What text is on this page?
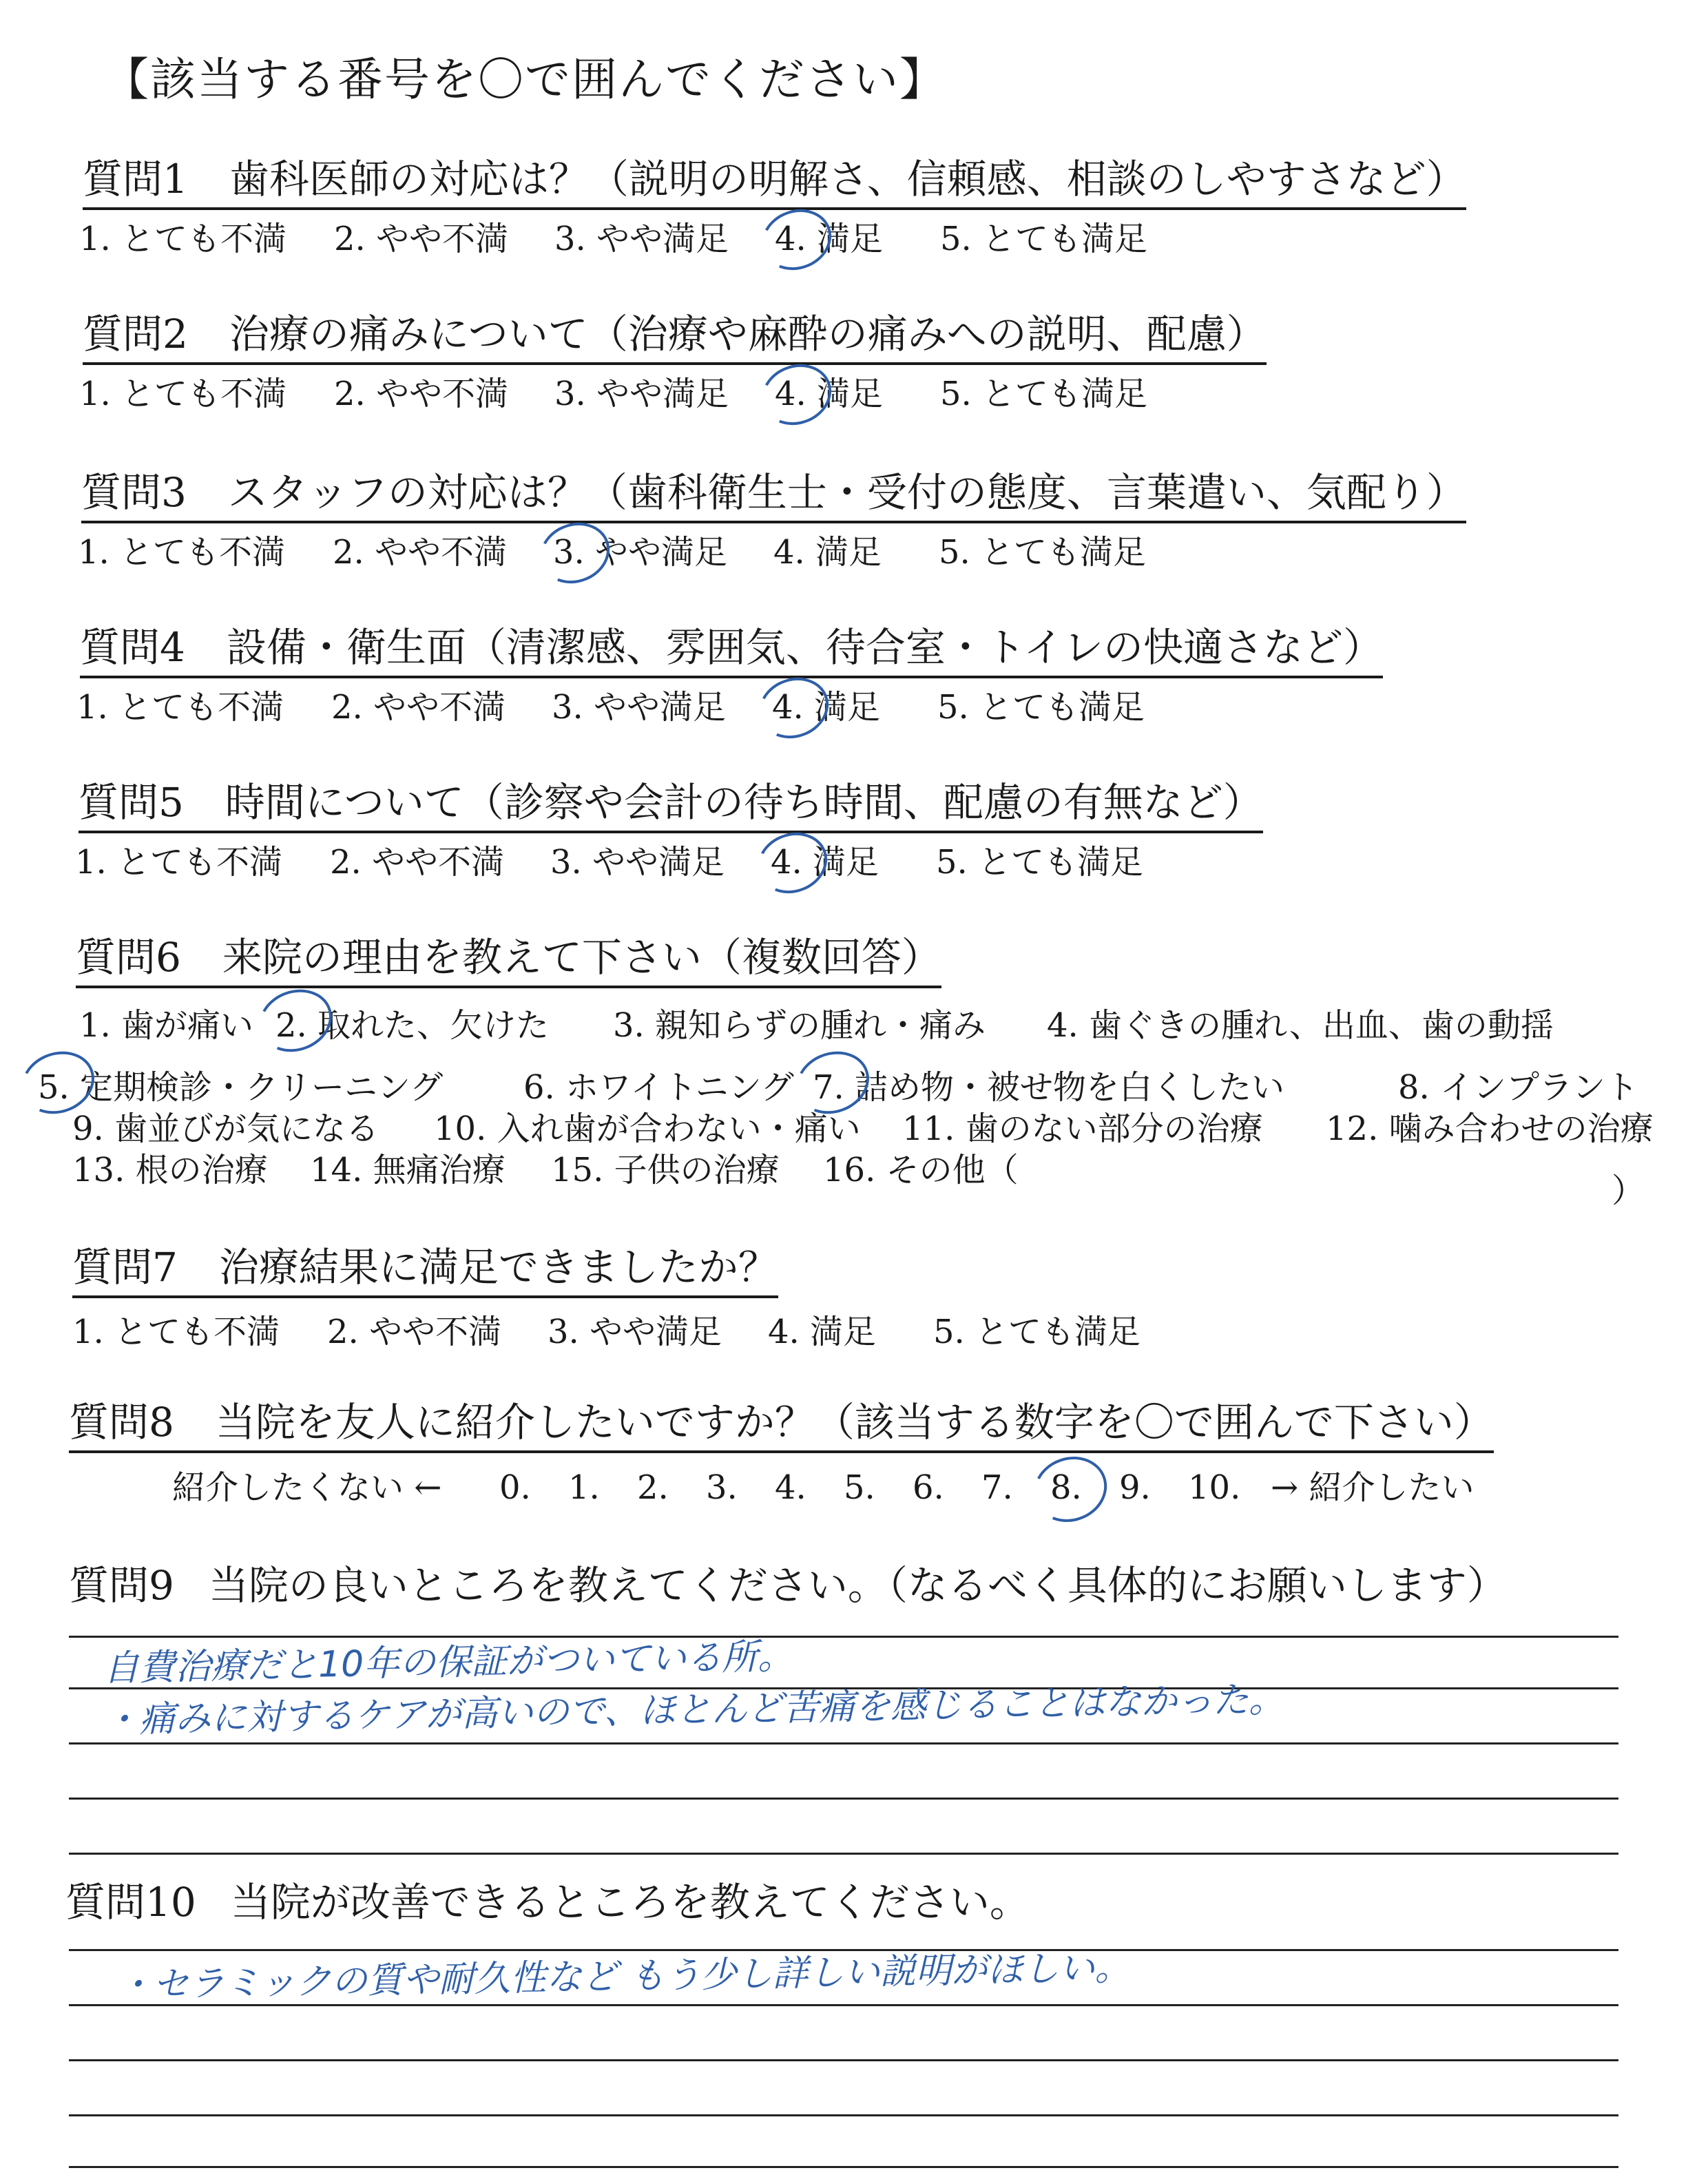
【該当する番号を〇で囲んでください】
質問1 歯科医師の対応は？（説明の明解さ、信頼感、相談のしやすさなど）
1. とても不満 2. やや不満 3. やや満足 4. 満足 5. とても満足
質問2 治療の痛みについて（治療や麻酔の痛みへの説明、配慮）
1. とても不満 2. やや不満 3. やや満足 4. 満足 5. とても満足
質問3 スタッフの対応は？（歯科衛生士・受付の態度、言葉遣い、気配り）
1. とても不満 2. やや不満 3. やや満足 4. 満足 5. とても満足
質問4 設備・衛生面（清潔感、雰囲気、待合室・トイレの快適さなど）
1. とても不満 2. やや不満 3. やや満足 4. 満足 5. とても満足
質問5 時間について（診察や会計の待ち時間、配慮の有無など）
1. とても不満 2. やや不満 3. やや満足 4. 満足 5. とても満足
質問6 来院の理由を教えて下さい（複数回答）
1. 歯が痛い 2. 取れた、欠けた 3. 親知らずの腫れ・痛み 4. 歯ぐきの腫れ、出血、歯の動揺
5. 定期検診・クリーニング 6. ホワイトニング 7. 詰め物・被せ物を白くしたい	8. インプラント
9. 歯並びが気になる 10. 入れ歯が合わない・痛い 11. 歯のない部分の治療 12. 噛み合わせの治療
13. 根の治療 14. 無痛治療 15. 子供の治療 16. その他（
）
質問7 治療結果に満足できましたか？
1. とても不満 2. やや不満 3. やや満足 4. 満足 5. とても満足
質問8 当院を友人に紹介したいですか？（該当する数字を〇で囲んで下さい）
紹介したくない ← 0. 1. 2. 3. 4. 5. 6. 7. 8. 9. 10. → 紹介したい
質問9 当院の良いところを教えてください。（なるべく具体的にお願いします）
自費治療だと10年の保証がついている所。
・痛みに対するケアが高いので、ほとんど苦痛を感じることはなかった。
質問10 当院が改善できるところを教えてください。
・セラミックの質や耐久性など もう少し詳しい説明がほしい。
